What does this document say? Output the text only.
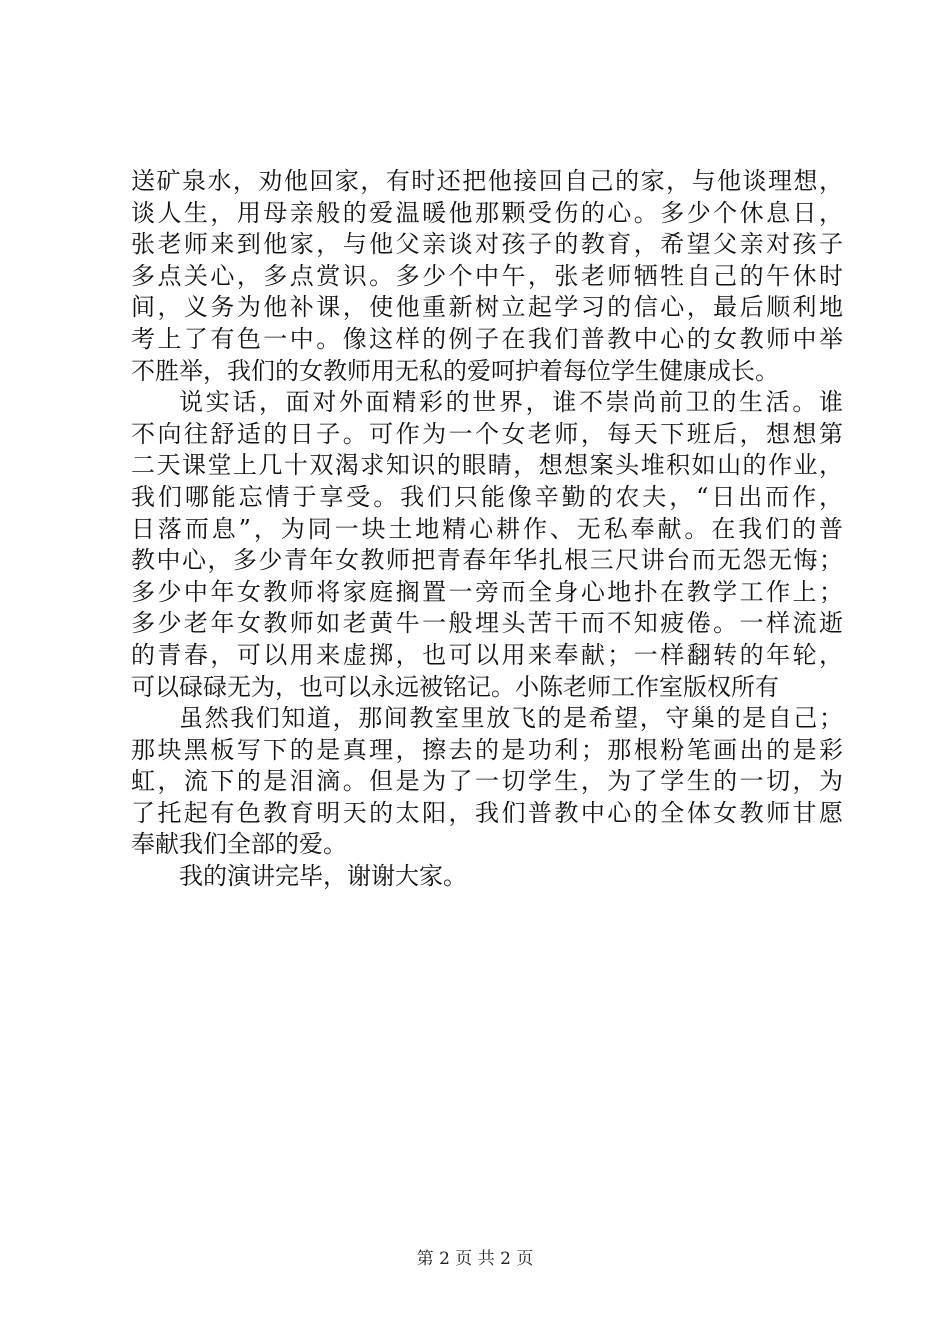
送矿泉水，劝他回家，有时还把他接回自己的家，与他谈理想，
谈人生，用母亲般的爱温暖他那颗受伤的心。多少个休息日，
张老师来到他家，与他父亲谈对孩子的教育，希望父亲对孩子
多点关心，多点赏识。多少个中午，张老师牺牲自己的午休时
间，义务为他补课，使他重新树立起学习的信心，最后顺利地
考上了有色一中。像这样的例子在我们普教中心的女教师中举
不胜举，我们的女教师用无私的爱呵护着每位学生健康成长。
说实话，面对外面精彩的世界，谁不崇尚前卫的生活。谁
不向往舒适的日子。可作为一个女老师，每天下班后，想想第
二天课堂上几十双渴求知识的眼睛，想想案头堆积如山的作业，
我们哪能忘情于享受。我们只能像辛勤的农夫，“日出而作，
日落而息”，为同一块土地精心耕作、无私奉献。在我们的普
教中心，多少青年女教师把青春年华扎根三尺讲台而无怨无悔；
多少中年女教师将家庭搁置一旁而全身心地扑在教学工作上；
多少老年女教师如老黄牛一般埋头苦干而不知疲倦。一样流逝
的青春，可以用来虚掷，也可以用来奉献；一样翻转的年轮，
可以碌碌无为，也可以永远被铭记。小陈老师工作室版权所有
虽然我们知道，那间教室里放飞的是希望，守巢的是自己；
那块黑板写下的是真理，擦去的是功利；那根粉笔画出的是彩
虹，流下的是泪滴。但是为了一切学生，为了学生的一切，为
了托起有色教育明天的太阳，我们普教中心的全体女教师甘愿
奉献我们全部的爱。
我的演讲完毕，谢谢大家。
第 2 页 共 2 页
